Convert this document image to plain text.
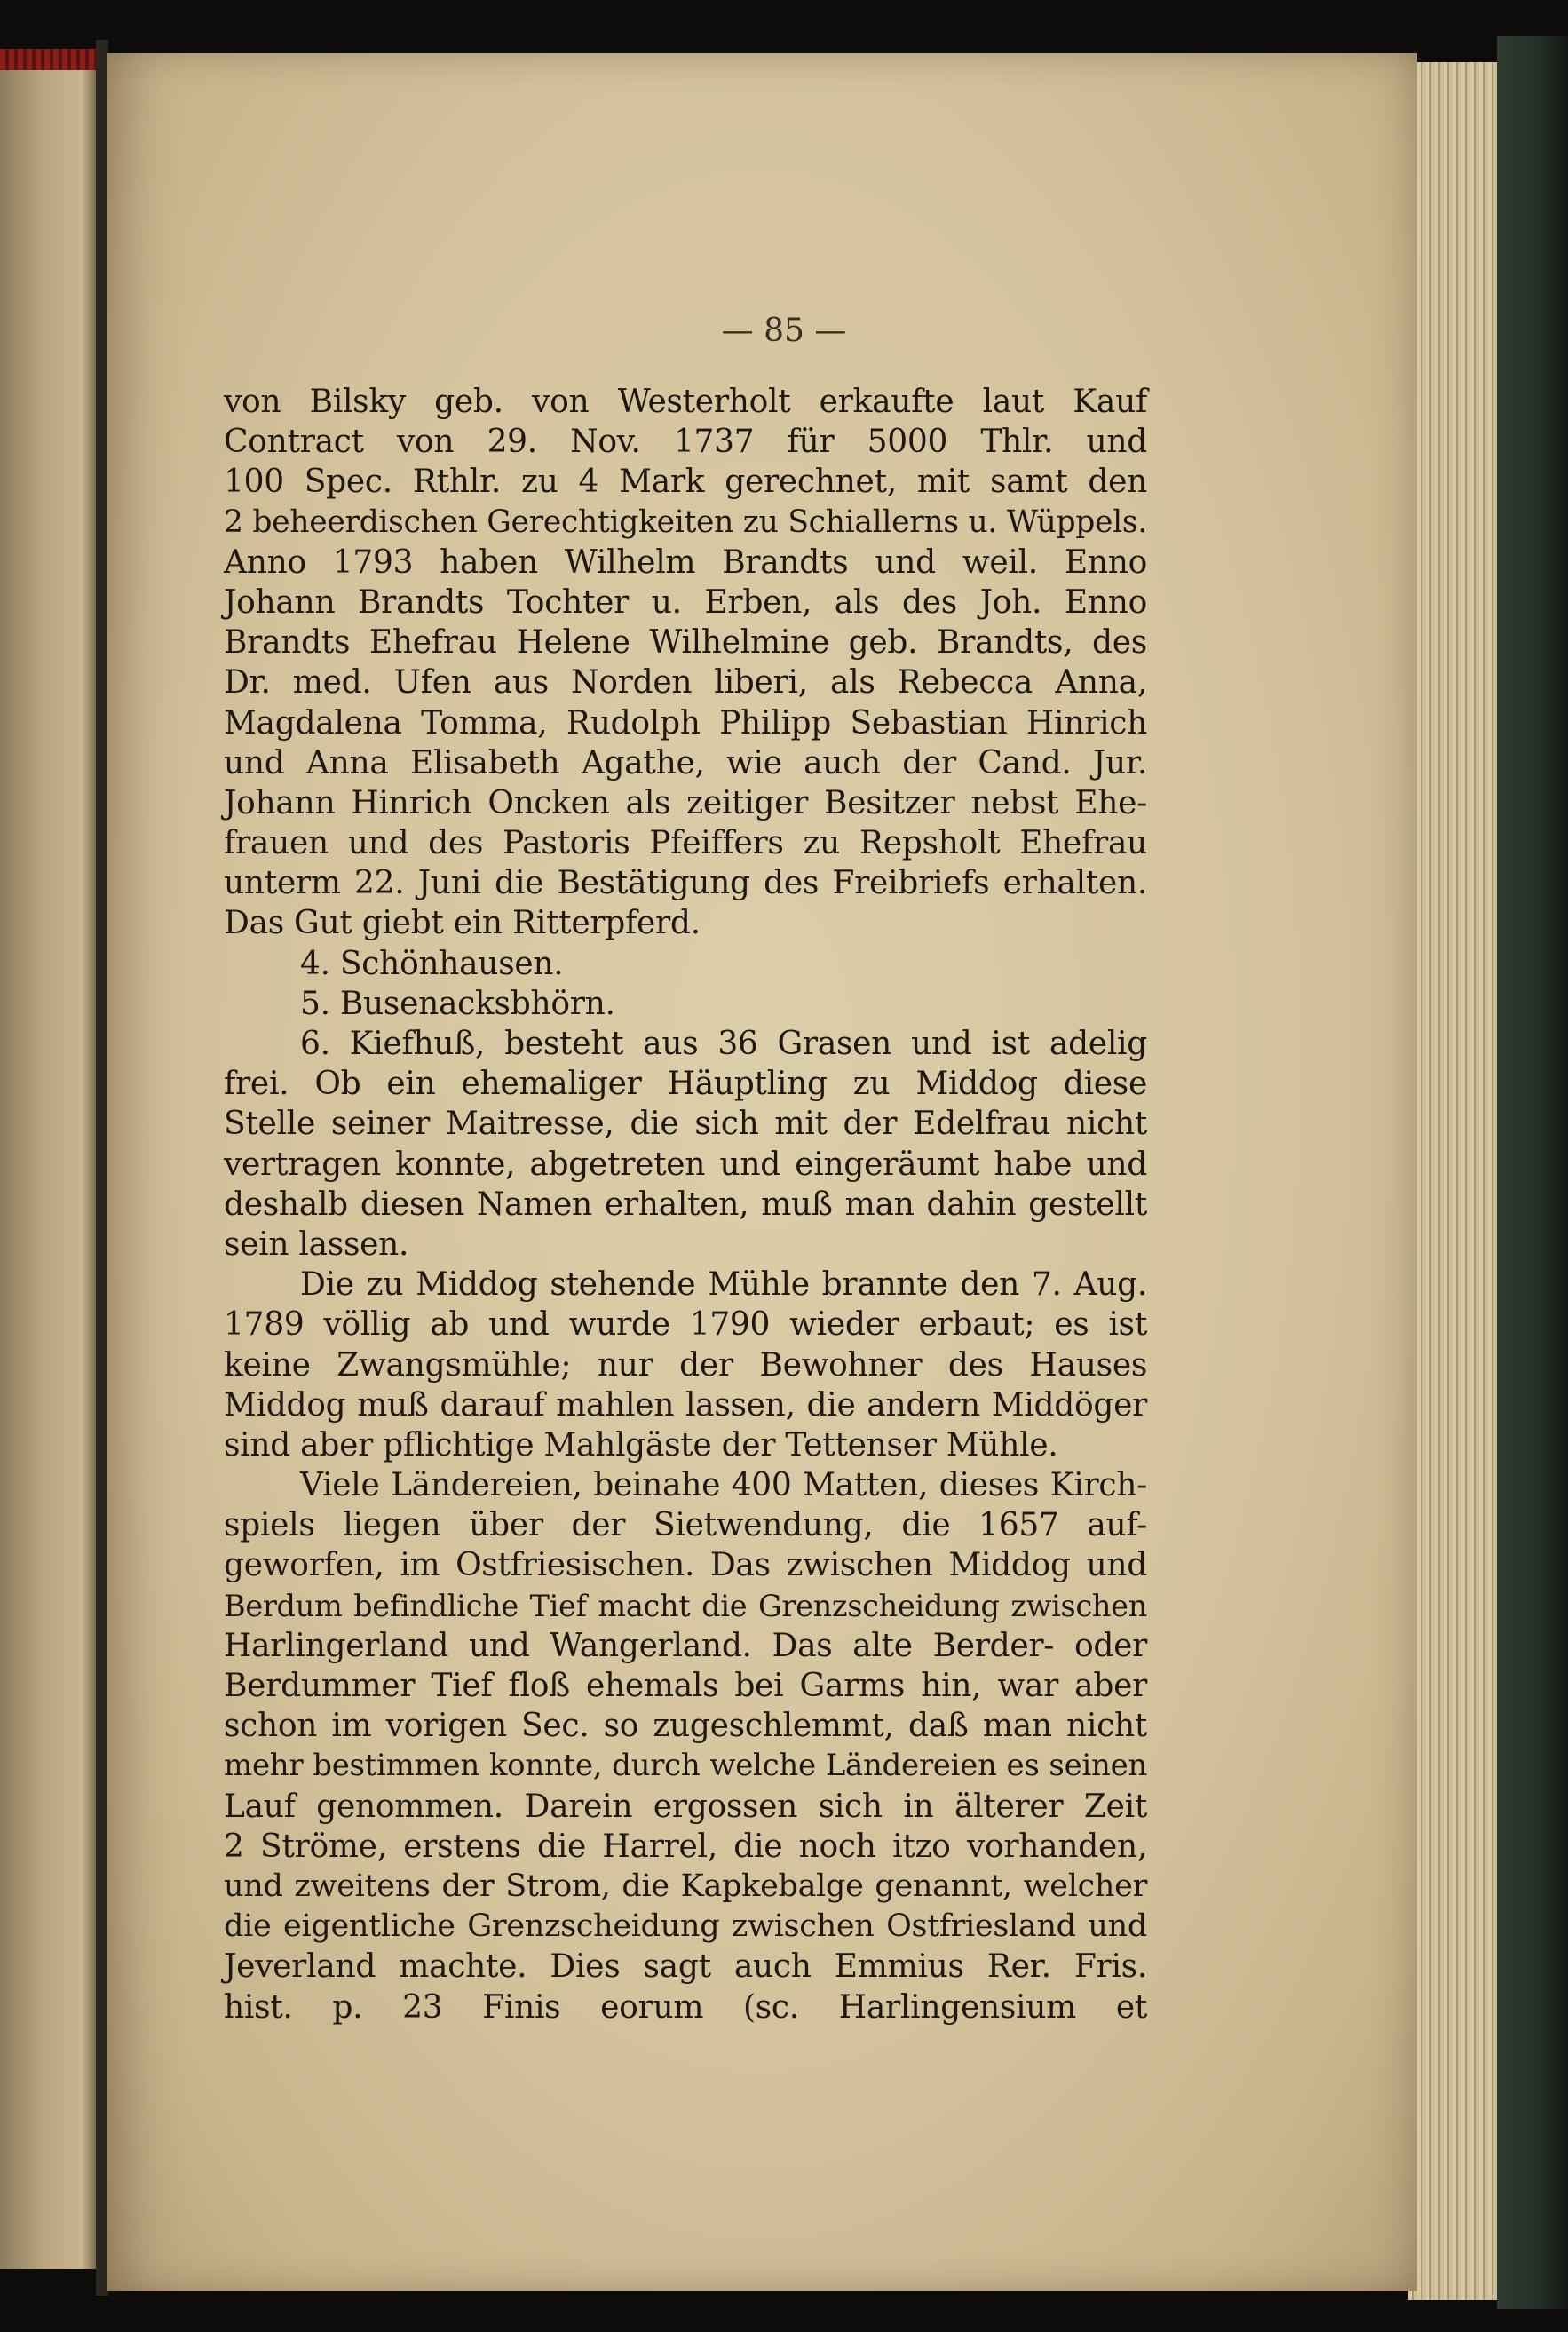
— 85 —
von Bilsky geb. von Westerholt erkaufte laut Kauf
Contract von 29. Nov. 1737 für 5000 Thlr. und
100 Spec. Rthlr. zu 4 Mark gerechnet, mit samt den
2 beheerdischen Gerechtigkeiten zu Schiallerns u. Wüppels.
Anno 1793 haben Wilhelm Brandts und weil. Enno
Johann Brandts Tochter u. Erben, als des Joh. Enno
Brandts Ehefrau Helene Wilhelmine geb. Brandts, des
Dr. med. Ufen aus Norden liberi, als Rebecca Anna,
Magdalena Tomma, Rudolph Philipp Sebastian Hinrich
und Anna Elisabeth Agathe, wie auch der Cand. Jur.
Johann Hinrich Oncken als zeitiger Besitzer nebst Ehe-
frauen und des Pastoris Pfeiffers zu Repsholt Ehefrau
unterm 22. Juni die Bestätigung des Freibriefs erhalten.
Das Gut giebt ein Ritterpferd.
4. Schönhausen.
5. Busenacksbhörn.
6. Kiefhuß, besteht aus 36 Grasen und ist adelig
frei. Ob ein ehemaliger Häuptling zu Middog diese
Stelle seiner Maitresse, die sich mit der Edelfrau nicht
vertragen konnte, abgetreten und eingeräumt habe und
deshalb diesen Namen erhalten, muß man dahin gestellt
sein lassen.
Die zu Middog stehende Mühle brannte den 7. Aug.
1789 völlig ab und wurde 1790 wieder erbaut; es ist
keine Zwangsmühle; nur der Bewohner des Hauses
Middog muß darauf mahlen lassen, die andern Middöger
sind aber pflichtige Mahlgäste der Tettenser Mühle.
Viele Ländereien, beinahe 400 Matten, dieses Kirch-
spiels liegen über der Sietwendung, die 1657 auf-
geworfen, im Ostfriesischen. Das zwischen Middog und
Berdum befindliche Tief macht die Grenzscheidung zwischen
Harlingerland und Wangerland. Das alte Berder- oder
Berdummer Tief floß ehemals bei Garms hin, war aber
schon im vorigen Sec. so zugeschlemmt, daß man nicht
mehr bestimmen konnte, durch welche Ländereien es seinen
Lauf genommen. Darein ergossen sich in älterer Zeit
2 Ströme, erstens die Harrel, die noch itzo vorhanden,
und zweitens der Strom, die Kapkebalge genannt, welcher
die eigentliche Grenzscheidung zwischen Ostfriesland und
Jeverland machte. Dies sagt auch Emmius Rer. Fris.
hist. p. 23 Finis eorum (sc. Harlingensium et
